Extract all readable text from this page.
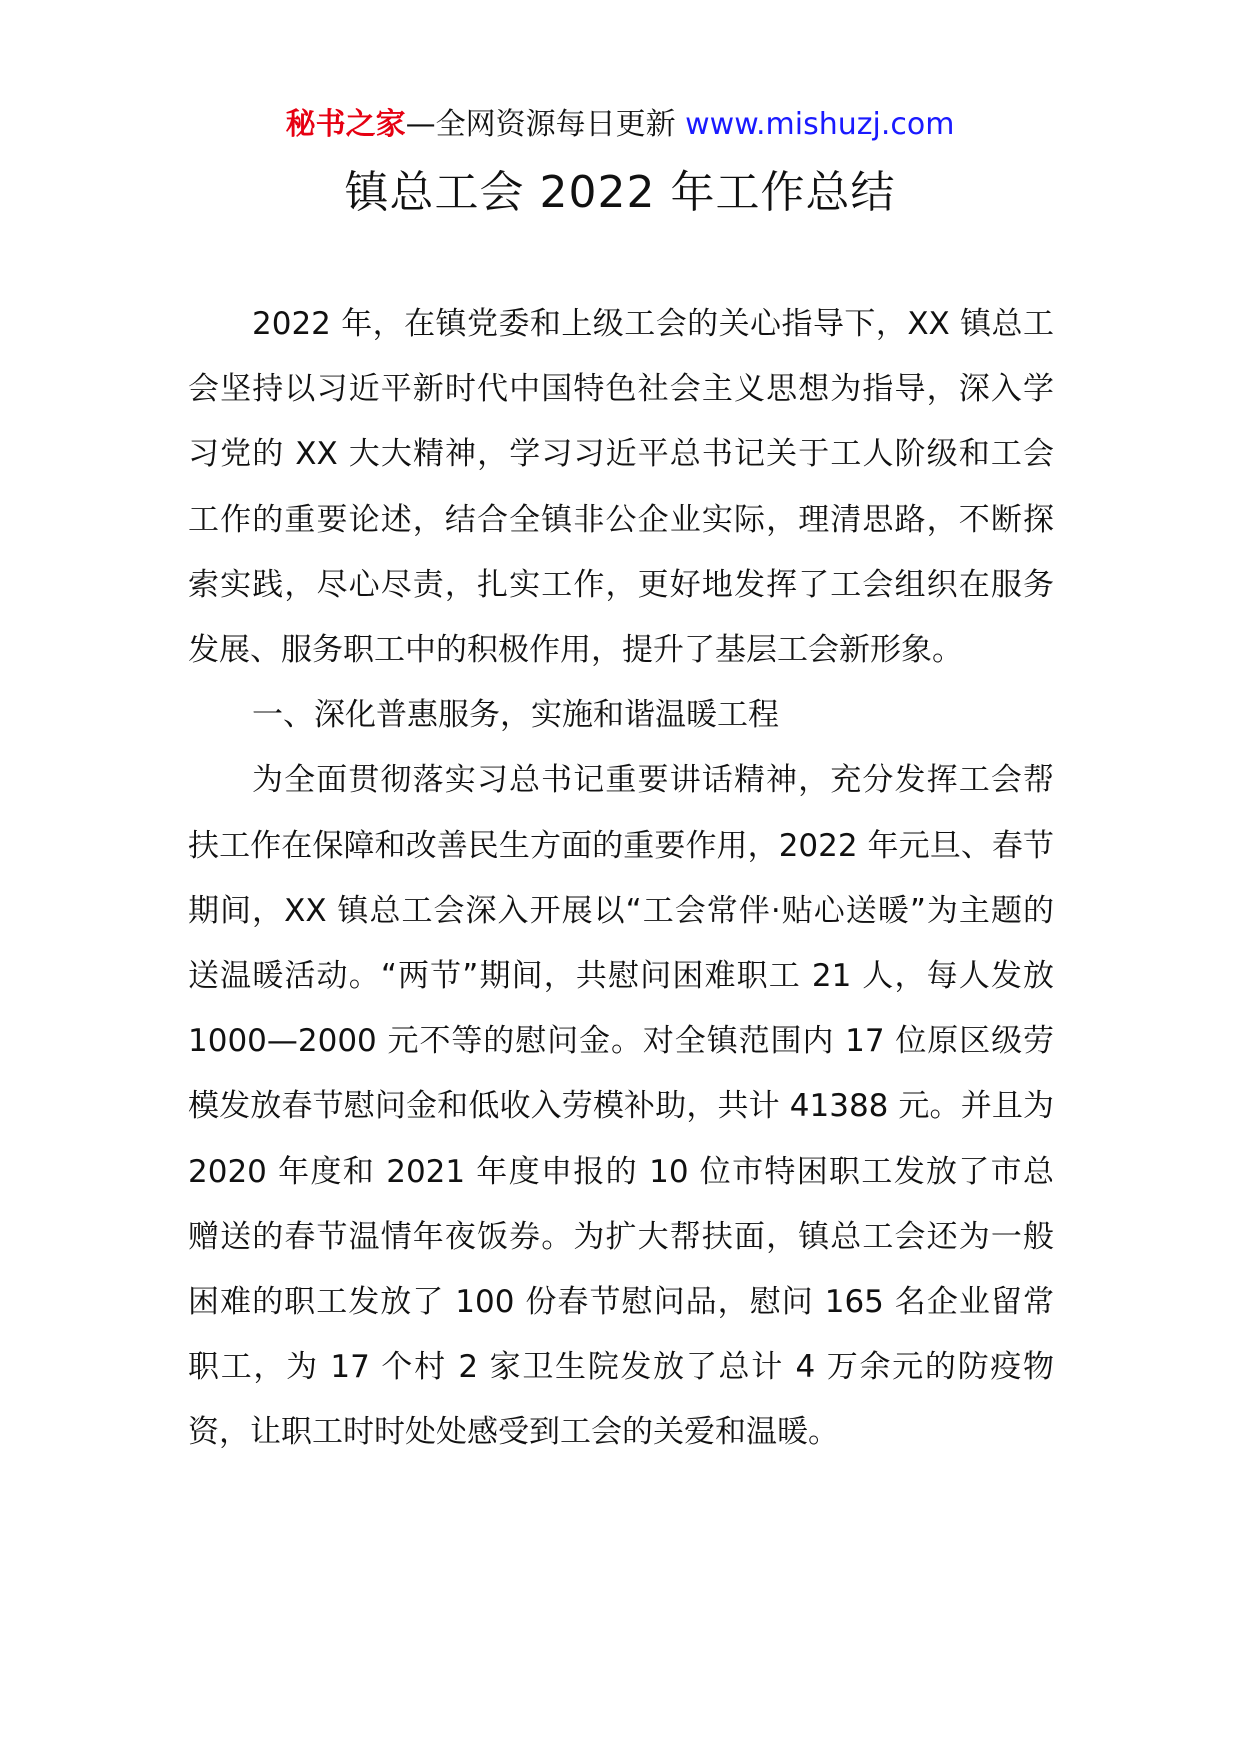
秘书之家—全网资源每日更新 www.mishuzj.com
镇总工会 2022 年工作总结

2022 年，在镇党委和上级工会的关心指导下，XX 镇总工会坚持以习近平新时代中国特色社会主义思想为指导，深入学习党的 XX 大大精神，学习习近平总书记关于工人阶级和工会工作的重要论述，结合全镇非公企业实际，理清思路，不断探索实践，尽心尽责，扎实工作，更好地发挥了工会组织在服务发展、服务职工中的积极作用，提升了基层工会新形象。

一、深化普惠服务，实施和谐温暖工程

为全面贯彻落实习总书记重要讲话精神，充分发挥工会帮扶工作在保障和改善民生方面的重要作用，2022 年元旦、春节期间，XX 镇总工会深入开展以“工会常伴·贴心送暖”为主题的送温暖活动。“两节”期间，共慰问困难职工 21 人，每人发放 1000—2000 元不等的慰问金。对全镇范围内 17 位原区级劳模发放春节慰问金和低收入劳模补助，共计 41388 元。并且为 2020 年度和 2021 年度申报的 10 位市特困职工发放了市总赠送的春节温情年夜饭券。为扩大帮扶面，镇总工会还为一般困难的职工发放了 100 份春节慰问品，慰问 165 名企业留常职工，为 17 个村 2 家卫生院发放了总计 4 万余元的防疫物资，让职工时时处处感受到工会的关爱和温暖。
